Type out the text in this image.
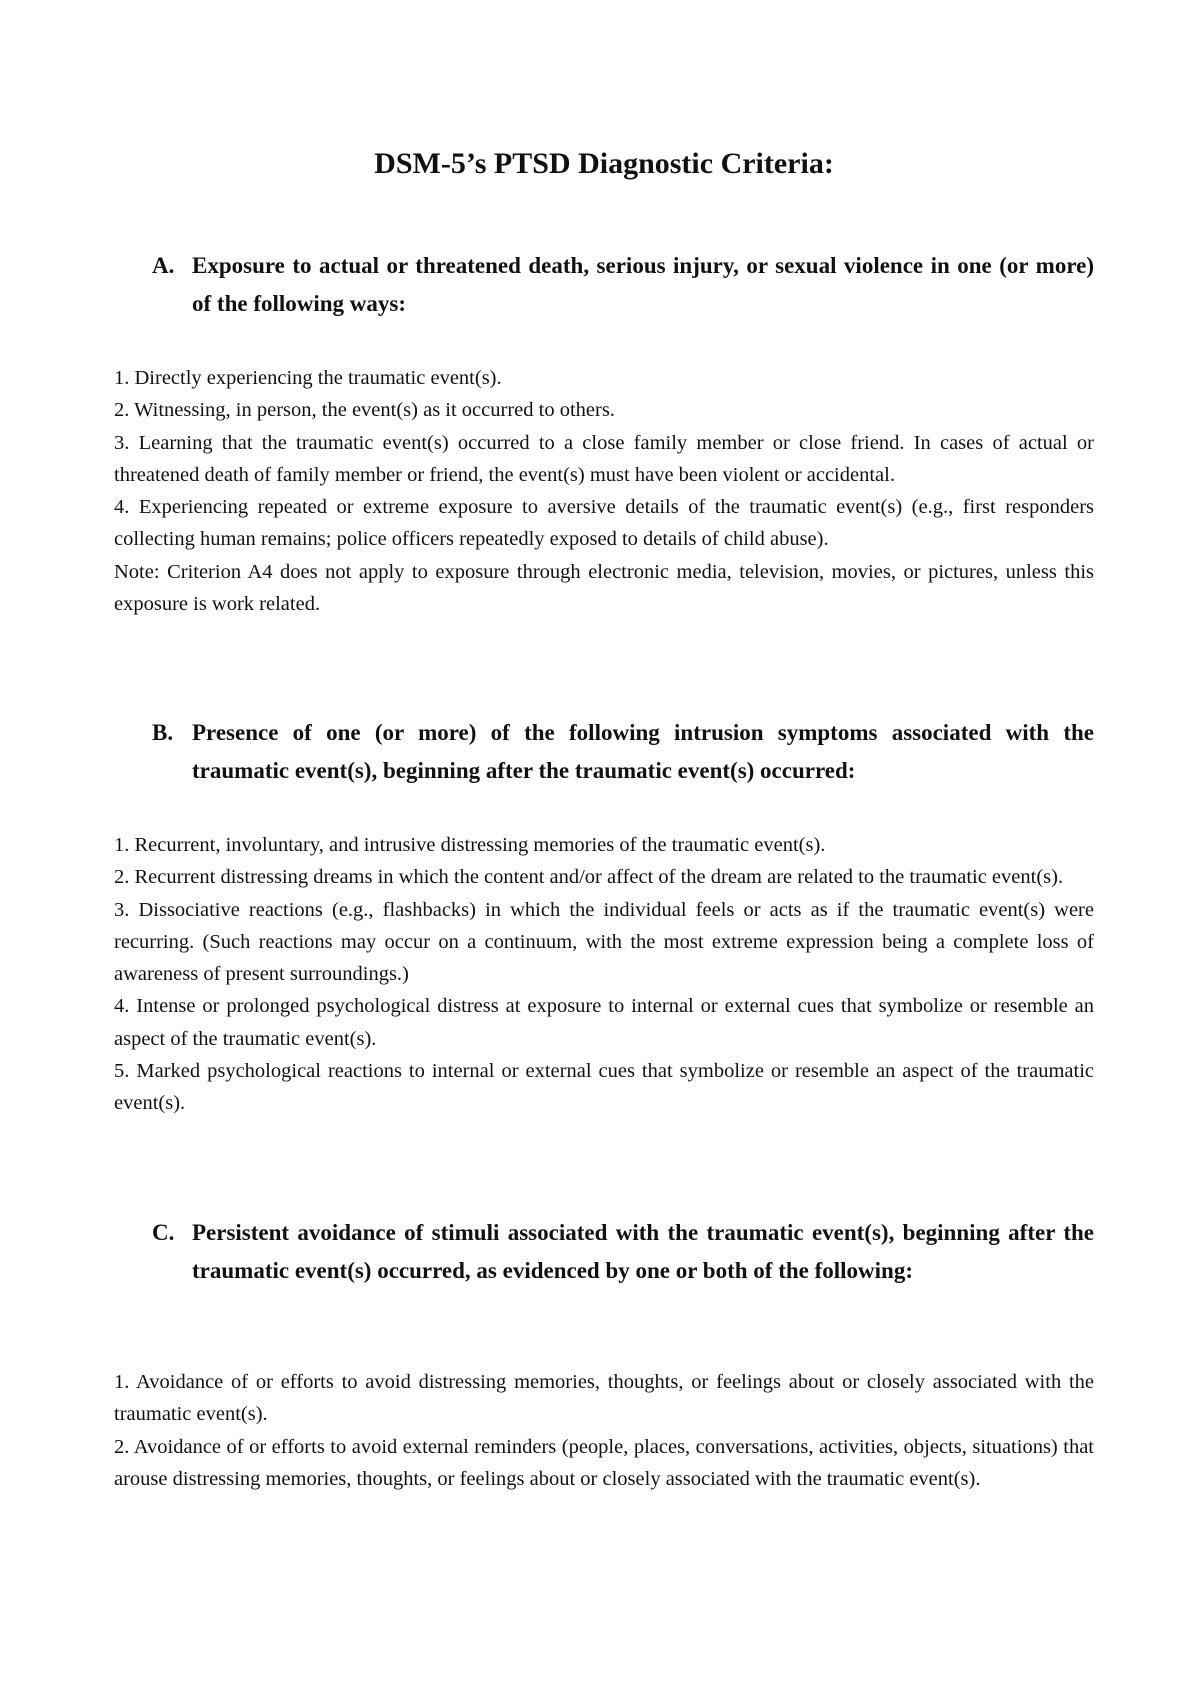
DSM-5’s PTSD Diagnostic Criteria:
A. Exposure to actual or threatened death, serious injury, or sexual violence in one (or more) of the following ways:
1. Directly experiencing the traumatic event(s).
2. Witnessing, in person, the event(s) as it occurred to others.
3. Learning that the traumatic event(s) occurred to a close family member or close friend. In cases of actual or threatened death of family member or friend, the event(s) must have been violent or accidental.
4. Experiencing repeated or extreme exposure to aversive details of the traumatic event(s) (e.g., first responders collecting human remains; police officers repeatedly exposed to details of child abuse).
Note: Criterion A4 does not apply to exposure through electronic media, television, movies, or pictures, unless this exposure is work related.
B. Presence of one (or more) of the following intrusion symptoms associated with the traumatic event(s), beginning after the traumatic event(s) occurred:
1. Recurrent, involuntary, and intrusive distressing memories of the traumatic event(s).
2. Recurrent distressing dreams in which the content and/or affect of the dream are related to the traumatic event(s).
3. Dissociative reactions (e.g., flashbacks) in which the individual feels or acts as if the traumatic event(s) were recurring. (Such reactions may occur on a continuum, with the most extreme expression being a complete loss of awareness of present surroundings.)
4. Intense or prolonged psychological distress at exposure to internal or external cues that symbolize or resemble an aspect of the traumatic event(s).
5. Marked psychological reactions to internal or external cues that symbolize or resemble an aspect of the traumatic event(s).
C. Persistent avoidance of stimuli associated with the traumatic event(s), beginning after the traumatic event(s) occurred, as evidenced by one or both of the following:
1. Avoidance of or efforts to avoid distressing memories, thoughts, or feelings about or closely associated with the traumatic event(s).
2. Avoidance of or efforts to avoid external reminders (people, places, conversations, activities, objects, situations) that arouse distressing memories, thoughts, or feelings about or closely associated with the traumatic event(s).
